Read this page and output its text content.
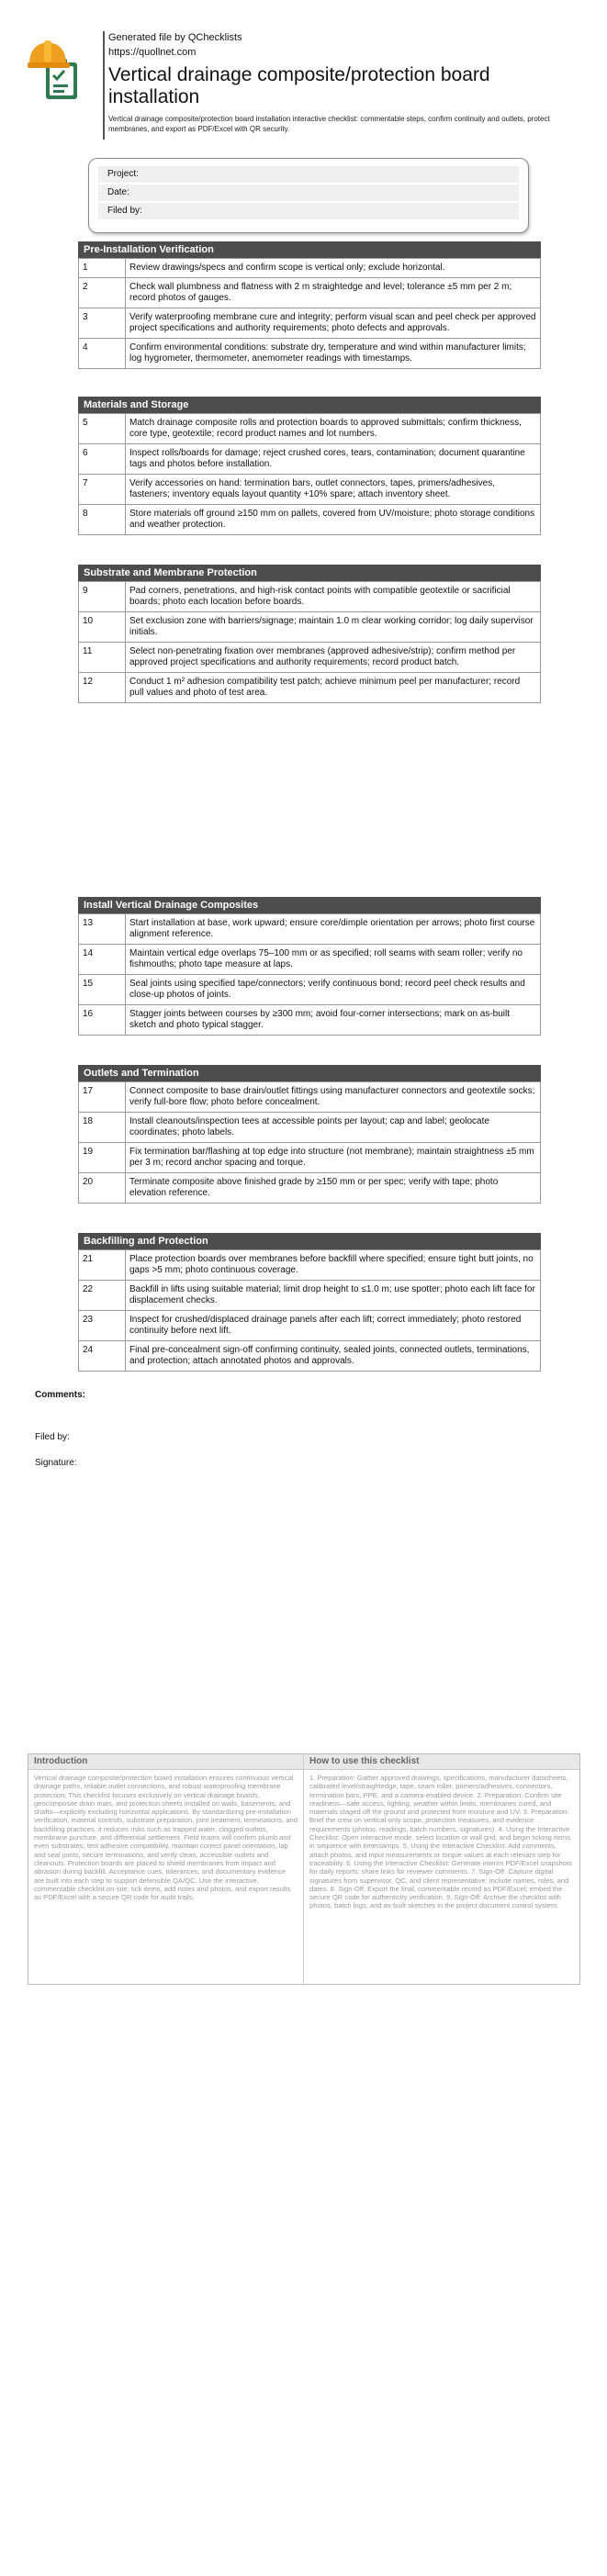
Generated file by QChecklists
https://quollnet.com
Vertical drainage composite/protection board installation
Vertical drainage composite/protection board installation interactive checklist: commentable steps, confirm continuity and outlets, protect membranes, and export as PDF/Excel with QR security.
Project:
Date:
Filed by:
Pre-Installation Verification
1	Review drawings/specs and confirm scope is vertical only; exclude horizontal.
2	Check wall plumbness and flatness with 2 m straightedge and level; tolerance ±5 mm per 2 m; record photos of gauges.
3	Verify waterproofing membrane cure and integrity; perform visual scan and peel check per approved project specifications and authority requirements; photo defects and approvals.
4	Confirm environmental conditions: substrate dry, temperature and wind within manufacturer limits; log hygrometer, thermometer, anemometer readings with timestamps.
Materials and Storage
5	Match drainage composite rolls and protection boards to approved submittals; confirm thickness, core type, geotextile; record product names and lot numbers.
6	Inspect rolls/boards for damage; reject crushed cores, tears, contamination; document quarantine tags and photos before installation.
7	Verify accessories on hand: termination bars, outlet connectors, tapes, primers/adhesives, fasteners; inventory equals layout quantity +10% spare; attach inventory sheet.
8	Store materials off ground ≥150 mm on pallets, covered from UV/moisture; photo storage conditions and weather protection.
Substrate and Membrane Protection
9	Pad corners, penetrations, and high-risk contact points with compatible geotextile or sacrificial boards; photo each location before boards.
10	Set exclusion zone with barriers/signage; maintain 1.0 m clear working corridor; log daily supervisor initials.
11	Select non-penetrating fixation over membranes (approved adhesive/strip); confirm method per approved project specifications and authority requirements; record product batch.
12	Conduct 1 m² adhesion compatibility test patch; achieve minimum peel per manufacturer; record pull values and photo of test area.
Install Vertical Drainage Composites
13	Start installation at base, work upward; ensure core/dimple orientation per arrows; photo first course alignment reference.
14	Maintain vertical edge overlaps 75–100 mm or as specified; roll seams with seam roller; verify no fishmouths; photo tape measure at laps.
15	Seal joints using specified tape/connectors; verify continuous bond; record peel check results and close-up photos of joints.
16	Stagger joints between courses by ≥300 mm; avoid four-corner intersections; mark on as-built sketch and photo typical stagger.
Outlets and Termination
17	Connect composite to base drain/outlet fittings using manufacturer connectors and geotextile socks; verify full-bore flow; photo before concealment.
18	Install cleanouts/inspection tees at accessible points per layout; cap and label; geolocate coordinates; photo labels.
19	Fix termination bar/flashing at top edge into structure (not membrane); maintain straightness ±5 mm per 3 m; record anchor spacing and torque.
20	Terminate composite above finished grade by ≥150 mm or per spec; verify with tape; photo elevation reference.
Backfilling and Protection
21	Place protection boards over membranes before backfill where specified; ensure tight butt joints, no gaps >5 mm; photo continuous coverage.
22	Backfill in lifts using suitable material; limit drop height to ≤1.0 m; use spotter; photo each lift face for displacement checks.
23	Inspect for crushed/displaced drainage panels after each lift; correct immediately; photo restored continuity before next lift.
24	Final pre-concealment sign-off confirming continuity, sealed joints, connected outlets, terminations, and protection; attach annotated photos and approvals.
Comments:
Filed by:
Signature:
Introduction
Vertical drainage composite/protection board installation ensures continuous vertical drainage paths, reliable outlet connections, and robust waterproofing membrane protection. This checklist focuses exclusively on vertical drainage boards, geocomposite drain mats, and protection sheets installed on walls, basements, and shafts—explicitly excluding horizontal applications. By standardizing pre-installation verification, material controls, substrate preparation, joint treatment, terminations, and backfilling practices, it reduces risks such as trapped water, clogged outlets, membrane puncture, and differential settlement. Field teams will confirm plumb and even substrates, test adhesive compatibility, maintain correct panel orientation, lap and seal joints, secure terminations, and verify clean, accessible outlets and cleanouts. Protection boards are placed to shield membranes from impact and abrasion during backfill. Acceptance cues, tolerances, and documentary evidence are built into each step to support defensible QA/QC. Use the interactive, commentable checklist on-site; tick items, add notes and photos, and export results as PDF/Excel with a secure QR code for audit trails.
How to use this checklist
1. Preparation: Gather approved drawings, specifications, manufacturer datasheets, calibrated level/straightedge, tape, seam roller, primers/adhesives, connectors, termination bars, PPE, and a camera-enabled device. 2. Preparation: Confirm site readiness—safe access, lighting, weather within limits, membranes cured, and materials staged off the ground and protected from moisture and UV. 3. Preparation: Brief the crew on vertical-only scope, protection measures, and evidence requirements (photos, readings, batch numbers, signatures). 4. Using the Interactive Checklist: Open interactive mode, select location or wall grid, and begin ticking items in sequence with timestamps. 5. Using the Interactive Checklist: Add comments, attach photos, and input measurements or torque values at each relevant step for traceability. 6. Using the Interactive Checklist: Generate interim PDF/Excel snapshots for daily reports; share links for reviewer comments. 7. Sign-Off: Capture digital signatures from supervisor, QC, and client representative; include names, roles, and dates. 8. Sign-Off: Export the final, commentable record as PDF/Excel; embed the secure QR code for authenticity verification. 9. Sign-Off: Archive the checklist with photos, batch logs, and as-built sketches in the project document control system.
